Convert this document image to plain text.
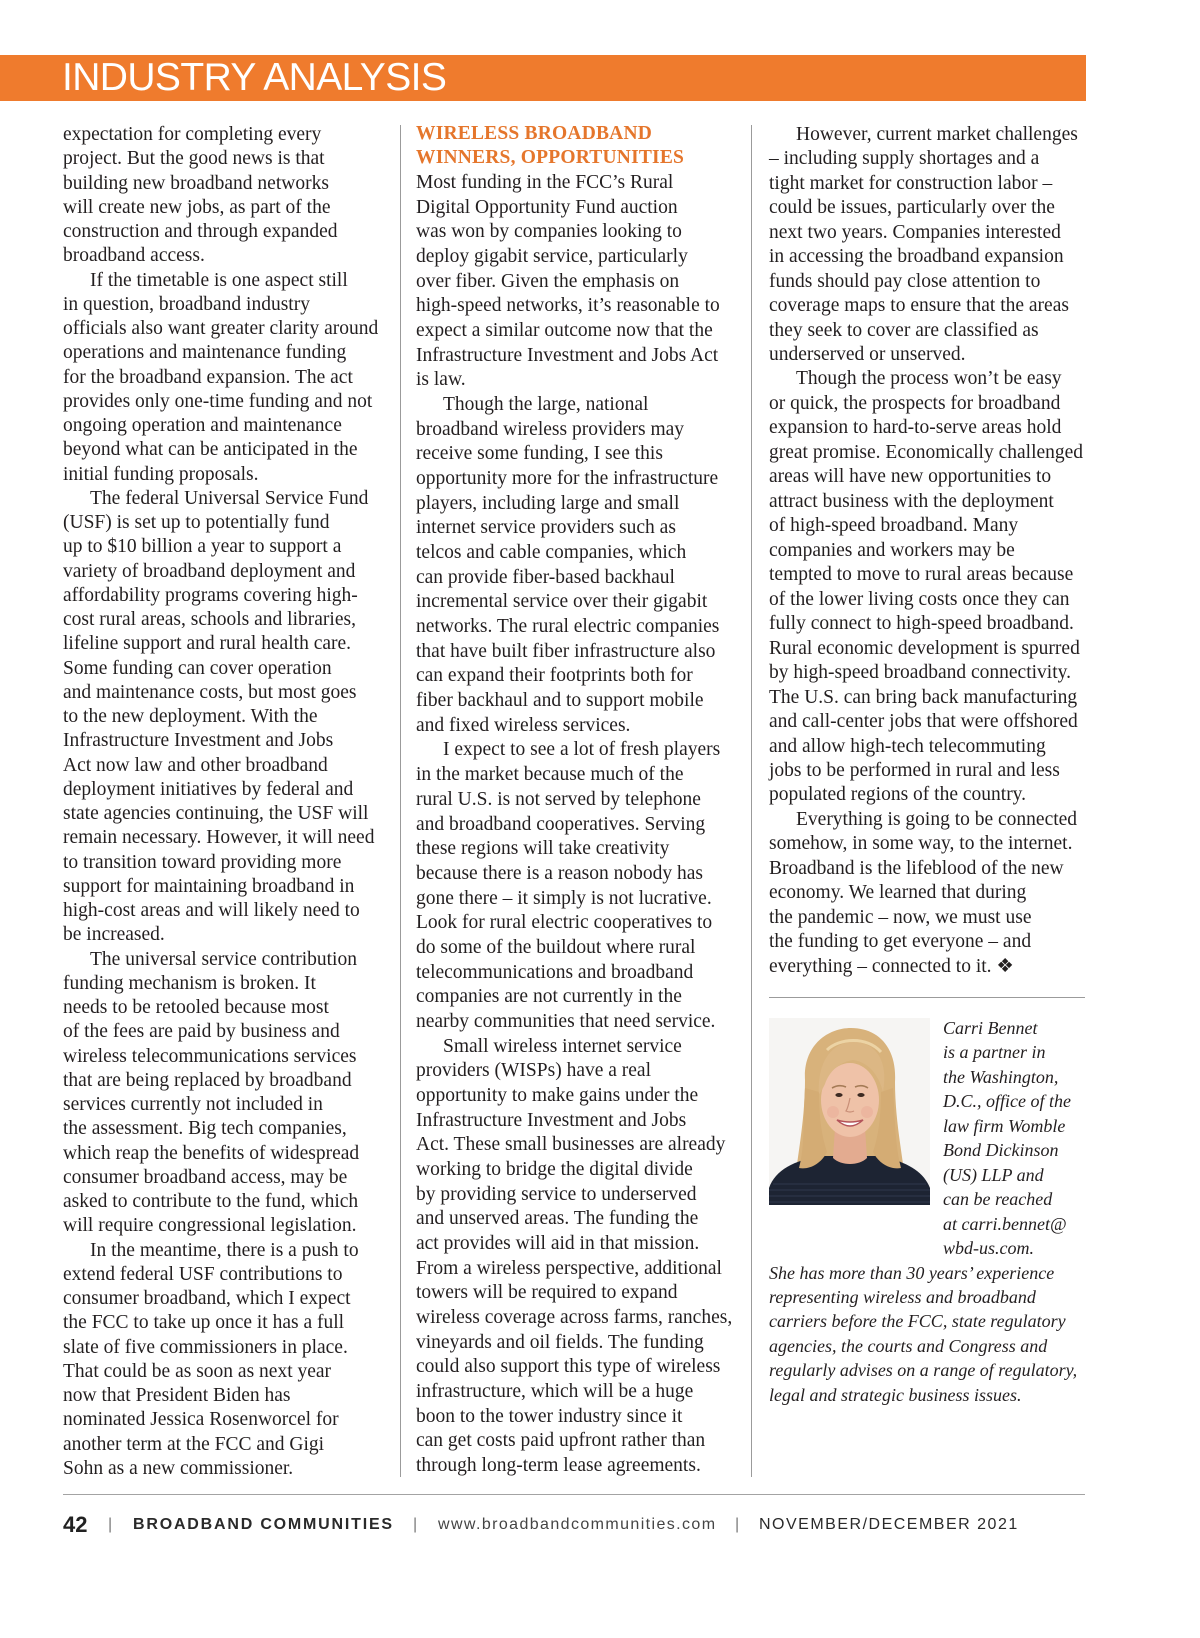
INDUSTRY ANALYSIS
expectation for completing every
project. But the good news is that
building new broadband networks
will create new jobs, as part of the
construction and through expanded
broadband access.
If the timetable is one aspect still
in question, broadband industry
officials also want greater clarity around
operations and maintenance funding
for the broadband expansion. The act
provides only one-time funding and not
ongoing operation and maintenance
beyond what can be anticipated in the
initial funding proposals.
The federal Universal Service Fund
(USF) is set up to potentially fund
up to $10 billion a year to support a
variety of broadband deployment and
affordability programs covering high-
cost rural areas, schools and libraries,
lifeline support and rural health care.
Some funding can cover operation
and maintenance costs, but most goes
to the new deployment. With the
Infrastructure Investment and Jobs
Act now law and other broadband
deployment initiatives by federal and
state agencies continuing, the USF will
remain necessary. However, it will need
to transition toward providing more
support for maintaining broadband in
high-cost areas and will likely need to
be increased.
The universal service contribution
funding mechanism is broken. It
needs to be retooled because most
of the fees are paid by business and
wireless telecommunications services
that are being replaced by broadband
services currently not included in
the assessment. Big tech companies,
which reap the benefits of widespread
consumer broadband access, may be
asked to contribute to the fund, which
will require congressional legislation.
In the meantime, there is a push to
extend federal USF contributions to
consumer broadband, which I expect
the FCC to take up once it has a full
slate of five commissioners in place.
That could be as soon as next year
now that President Biden has
nominated Jessica Rosenworcel for
another term at the FCC and Gigi
Sohn as a new commissioner.
WIRELESS BROADBAND
WINNERS, OPPORTUNITIES
Most funding in the FCC’s Rural
Digital Opportunity Fund auction
was won by companies looking to
deploy gigabit service, particularly
over fiber. Given the emphasis on
high-speed networks, it’s reasonable to
expect a similar outcome now that the
Infrastructure Investment and Jobs Act
is law.
Though the large, national
broadband wireless providers may
receive some funding, I see this
opportunity more for the infrastructure
players, including large and small
internet service providers such as
telcos and cable companies, which
can provide fiber-based backhaul
incremental service over their gigabit
networks. The rural electric companies
that have built fiber infrastructure also
can expand their footprints both for
fiber backhaul and to support mobile
and fixed wireless services.
I expect to see a lot of fresh players
in the market because much of the
rural U.S. is not served by telephone
and broadband cooperatives. Serving
these regions will take creativity
because there is a reason nobody has
gone there – it simply is not lucrative.
Look for rural electric cooperatives to
do some of the buildout where rural
telecommunications and broadband
companies are not currently in the
nearby communities that need service.
Small wireless internet service
providers (WISPs) have a real
opportunity to make gains under the
Infrastructure Investment and Jobs
Act. These small businesses are already
working to bridge the digital divide
by providing service to underserved
and unserved areas. The funding the
act provides will aid in that mission.
From a wireless perspective, additional
towers will be required to expand
wireless coverage across farms, ranches,
vineyards and oil fields. The funding
could also support this type of wireless
infrastructure, which will be a huge
boon to the tower industry since it
can get costs paid upfront rather than
through long-term lease agreements.
However, current market challenges
– including supply shortages and a
tight market for construction labor –
could be issues, particularly over the
next two years. Companies interested
in accessing the broadband expansion
funds should pay close attention to
coverage maps to ensure that the areas
they seek to cover are classified as
underserved or unserved.
Though the process won’t be easy
or quick, the prospects for broadband
expansion to hard-to-serve areas hold
great promise. Economically challenged
areas will have new opportunities to
attract business with the deployment
of high-speed broadband. Many
companies and workers may be
tempted to move to rural areas because
of the lower living costs once they can
fully connect to high-speed broadband.
Rural economic development is spurred
by high-speed broadband connectivity.
The U.S. can bring back manufacturing
and call-center jobs that were offshored
and allow high-tech telecommuting
jobs to be performed in rural and less
populated regions of the country.
Everything is going to be connected
somehow, in some way, to the internet.
Broadband is the lifeblood of the new
economy. We learned that during
the pandemic – now, we must use
the funding to get everyone – and
everything – connected to it. ❖
Carri Bennet
is a partner in
the Washington,
D.C., office of the
law firm Womble
Bond Dickinson
(US) LLP and
can be reached
at carri.bennet@
wbd-us.com.
She has more than 30 years’ experience
representing wireless and broadband
carriers before the FCC, state regulatory
agencies, the courts and Congress and
regularly advises on a range of regulatory,
legal and strategic business issues.
42 | BROADBAND COMMUNITIES | www.broadbandcommunities.com | NOVEMBER/DECEMBER 2021
